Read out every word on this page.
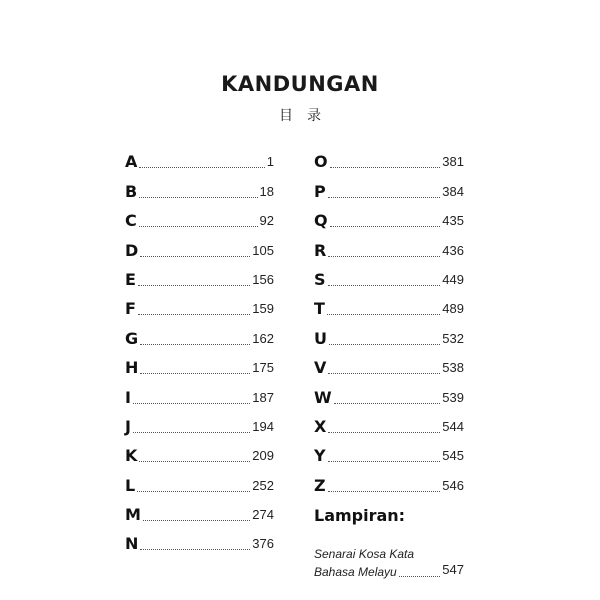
KANDUNGAN
目录
A	1
B	18
C	92
D	105
E	156
F	159
G	162
H	175
I	187
J	194
K	209
L	252
M	274
N	376
O	381
P	384
Q	435
R	436
S	449
T	489
U	532
V	538
W	539
X	544
Y	545
Z	546
Lampiran:
Senarai Kosa Kata
Bahasa Melayu	547
